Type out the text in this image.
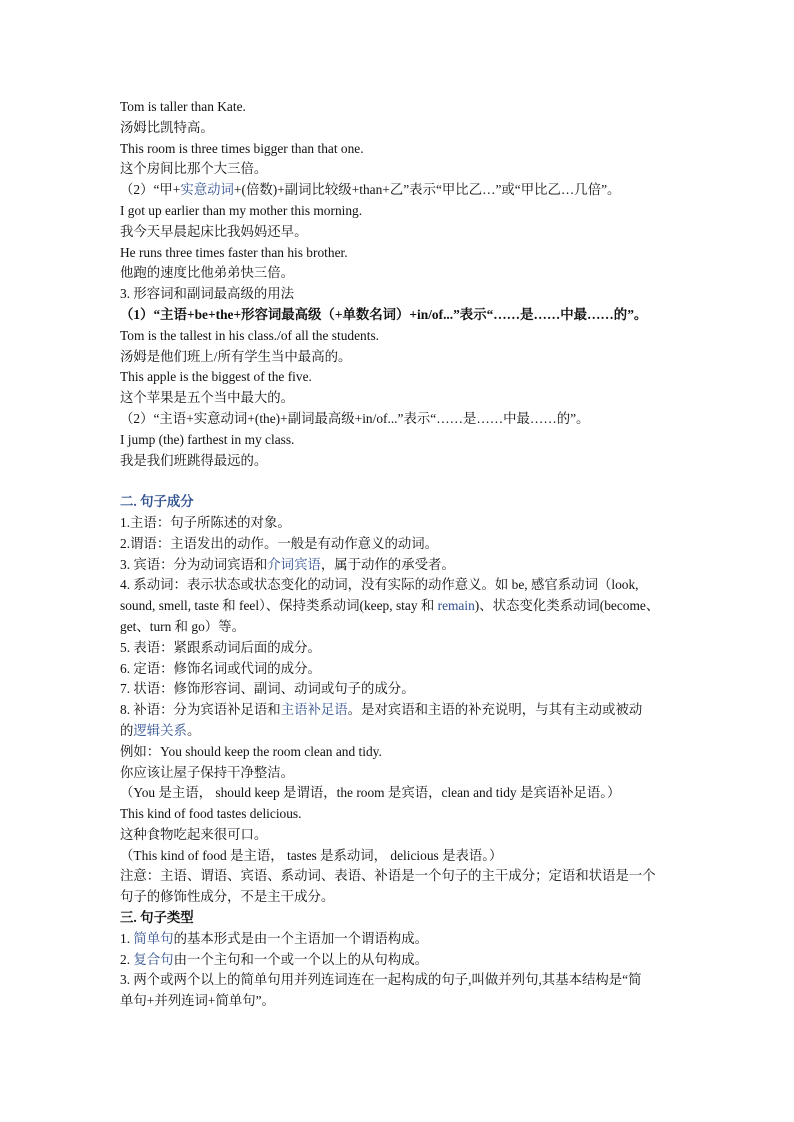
Tom is taller than Kate.
汤姆比凯特高。
This room is three times bigger than that one.
这个房间比那个大三倍。
（2）“甲+实意动词+(倍数)+副词比较级+than+乙”表示“甲比乙…”或“甲比乙…几倍”。
I got up earlier than my mother this morning.
我今天早晨起床比我妈妈还早。
He runs three times faster than his brother.
他跑的速度比他弟弟快三倍。
3. 形容词和副词最高级的用法
（1）“主语+be+the+形容词最高级（+单数名词）+in/of...”表示“……是……中最……的”。
Tom is the tallest in his class./of all the students.
汤姆是他们班上/所有学生当中最高的。
This apple is the biggest of the five.
这个苹果是五个当中最大的。
（2）“主语+实意动词+(the)+副词最高级+in/of...”表示“……是……中最……的”。
I jump (the) farthest in my class.
我是我们班跳得最远的。
二. 句子成分
1.主语：句子所陈述的对象。
2.谓语：主语发出的动作。一般是有动作意义的动词。
3. 宾语：分为动词宾语和介词宾语，属于动作的承受者。
4. 系动词：表示状态或状态变化的动词，没有实际的动作意义。如 be, 感官系动词（look,
sound, smell, taste 和 feel）、保持类系动词(keep, stay 和 remain)、状态变化类系动词(become、
get、turn 和 go）等。
5. 表语：紧跟系动词后面的成分。
6. 定语：修饰名词或代词的成分。
7. 状语：修饰形容词、副词、动词或句子的成分。
8. 补语：分为宾语补足语和主语补足语。是对宾语和主语的补充说明，与其有主动或被动
的逻辑关系。
例如：You should keep the room clean and tidy.
你应该让屋子保持干净整洁。
（You 是主语， should keep 是谓语，the room 是宾语，clean and tidy 是宾语补足语。）
This kind of food tastes delicious.
这种食物吃起来很可口。
（This kind of food 是主语， tastes 是系动词， delicious 是表语。）
注意：主语、谓语、宾语、系动词、表语、补语是一个句子的主干成分；定语和状语是一个
句子的修饰性成分，不是主干成分。
三. 句子类型
1. 简单句的基本形式是由一个主语加一个谓语构成。
2. 复合句由一个主句和一个或一个以上的从句构成。
3. 两个或两个以上的简单句用并列连词连在一起构成的句子,叫做并列句,其基本结构是“简
单句+并列连词+简单句”。
